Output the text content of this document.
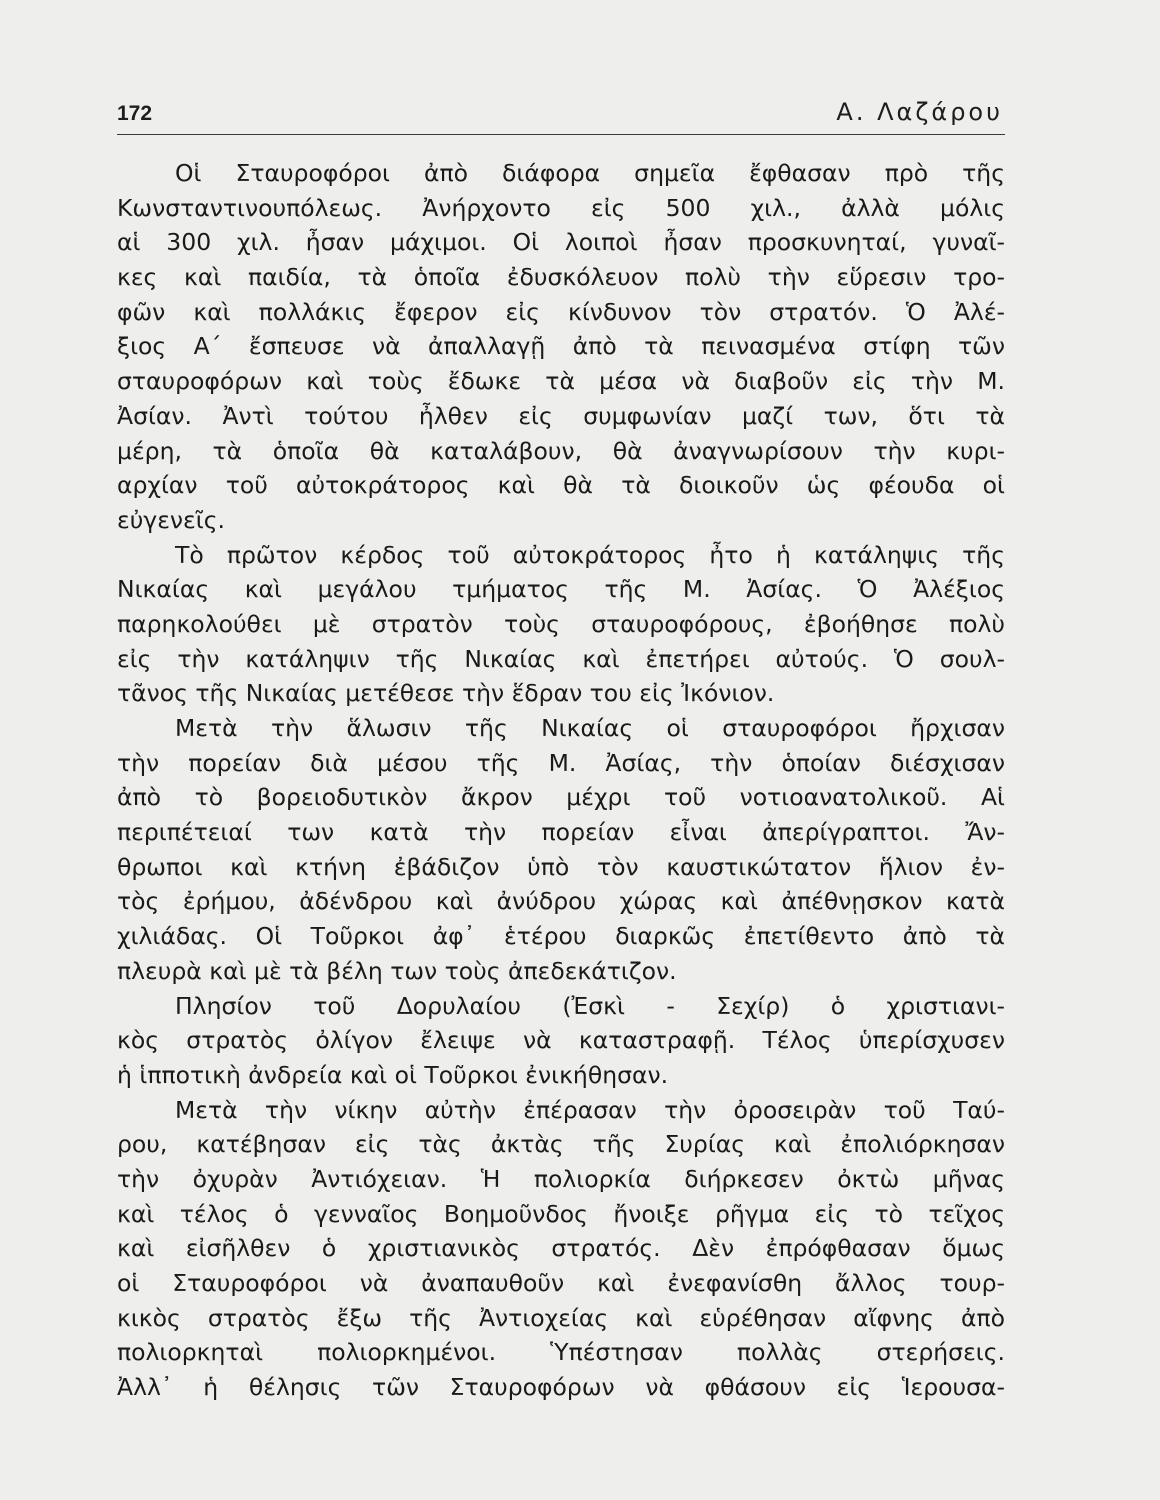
172	Α. Λαζάρου
Οἱ Σταυροφόροι ἀπὸ διάφορα σημεῖα ἔφθασαν πρὸ τῆς
Κωνσταντινουπόλεως. Ἀνήρχοντο εἰς 500 χιλ., ἀλλὰ μόλις
αἱ 300 χιλ. ἦσαν μάχιμοι. Οἱ λοιποὶ ἦσαν προσκυνηταί, γυναῖ-
κες καὶ παιδία, τὰ ὁποῖα ἐδυσκόλευον πολὺ τὴν εὕρεσιν τρο-
φῶν καὶ πολλάκις ἔφερον εἰς κίνδυνον τὸν στρατόν. Ὁ Ἀλέ-
ξιος Α΄ ἔσπευσε νὰ ἀπαλλαγῇ ἀπὸ τὰ πεινασμένα στίφη τῶν
σταυροφόρων καὶ τοὺς ἔδωκε τὰ μέσα νὰ διαβοῦν εἰς τὴν Μ.
Ἀσίαν. Ἀντὶ τούτου ἦλθεν εἰς συμφωνίαν μαζί των, ὅτι τὰ
μέρη, τὰ ὁποῖα θὰ καταλάβουν, θὰ ἀναγνωρίσουν τὴν κυρι-
αρχίαν τοῦ αὐτοκράτορος καὶ θὰ τὰ διοικοῦν ὡς φέουδα οἱ
εὐγενεῖς.
Τὸ πρῶτον κέρδος τοῦ αὐτοκράτορος ἦτο ἡ κατάληψις τῆς
Νικαίας καὶ μεγάλου τμήματος τῆς Μ. Ἀσίας. Ὁ Ἀλέξιος
παρηκολούθει μὲ στρατὸν τοὺς σταυροφόρους, ἐβοήθησε πολὺ
εἰς τὴν κατάληψιν τῆς Νικαίας καὶ ἐπετήρει αὐτούς. Ὁ σουλ-
τᾶνος τῆς Νικαίας μετέθεσε τὴν ἕδραν του εἰς Ἰκόνιον.
Μετὰ τὴν ἅλωσιν τῆς Νικαίας οἱ σταυροφόροι ἤρχισαν
τὴν πορείαν διὰ μέσου τῆς Μ. Ἀσίας, τὴν ὁποίαν διέσχισαν
ἀπὸ τὸ βορειοδυτικὸν ἄκρον μέχρι τοῦ νοτιοανατολικοῦ. Αἱ
περιπέτειαί των κατὰ τὴν πορείαν εἶναι ἀπερίγραπτοι. Ἄν-
θρωποι καὶ κτήνη ἐβάδιζον ὑπὸ τὸν καυστικώτατον ἥλιον ἐν-
τὸς ἐρήμου, ἀδένδρου καὶ ἀνύδρου χώρας καὶ ἀπέθνῃσκον κατὰ
χιλιάδας. Οἱ Τοῦρκοι ἀφ᾿ ἑτέρου διαρκῶς ἐπετίθεντο ἀπὸ τὰ
πλευρὰ καὶ μὲ τὰ βέλη των τοὺς ἀπεδεκάτιζον.
Πλησίον τοῦ Δορυλαίου (Ἐσκὶ - Σεχίρ) ὁ χριστιανι-
κὸς στρατὸς ὀλίγον ἔλειψε νὰ καταστραφῇ. Τέλος ὑπερίσχυσεν
ἡ ἱπποτικὴ ἀνδρεία καὶ οἱ Τοῦρκοι ἐνικήθησαν.
Μετὰ τὴν νίκην αὐτὴν ἐπέρασαν τὴν ὀροσειρὰν τοῦ Ταύ-
ρου, κατέβησαν εἰς τὰς ἀκτὰς τῆς Συρίας καὶ ἐπολιόρκησαν
τὴν ὀχυρὰν Ἀντιόχειαν. Ἡ πολιορκία διήρκεσεν ὀκτὼ μῆνας
καὶ τέλος ὁ γενναῖος Βοημοῦνδος ἤνοιξε ρῆγμα εἰς τὸ τεῖχος
καὶ εἰσῆλθεν ὁ χριστιανικὸς στρατός. Δὲν ἐπρόφθασαν ὅμως
οἱ Σταυροφόροι νὰ ἀναπαυθοῦν καὶ ἐνεφανίσθη ἄλλος τουρ-
κικὸς στρατὸς ἔξω τῆς Ἀντιοχείας καὶ εὑρέθησαν αἴφνης ἀπὸ
πολιορκηταὶ πολιορκημένοι. Ὑπέστησαν πολλὰς στερήσεις.
Ἀλλ᾿ ἡ θέλησις τῶν Σταυροφόρων νὰ φθάσουν εἰς Ἱερουσα-
